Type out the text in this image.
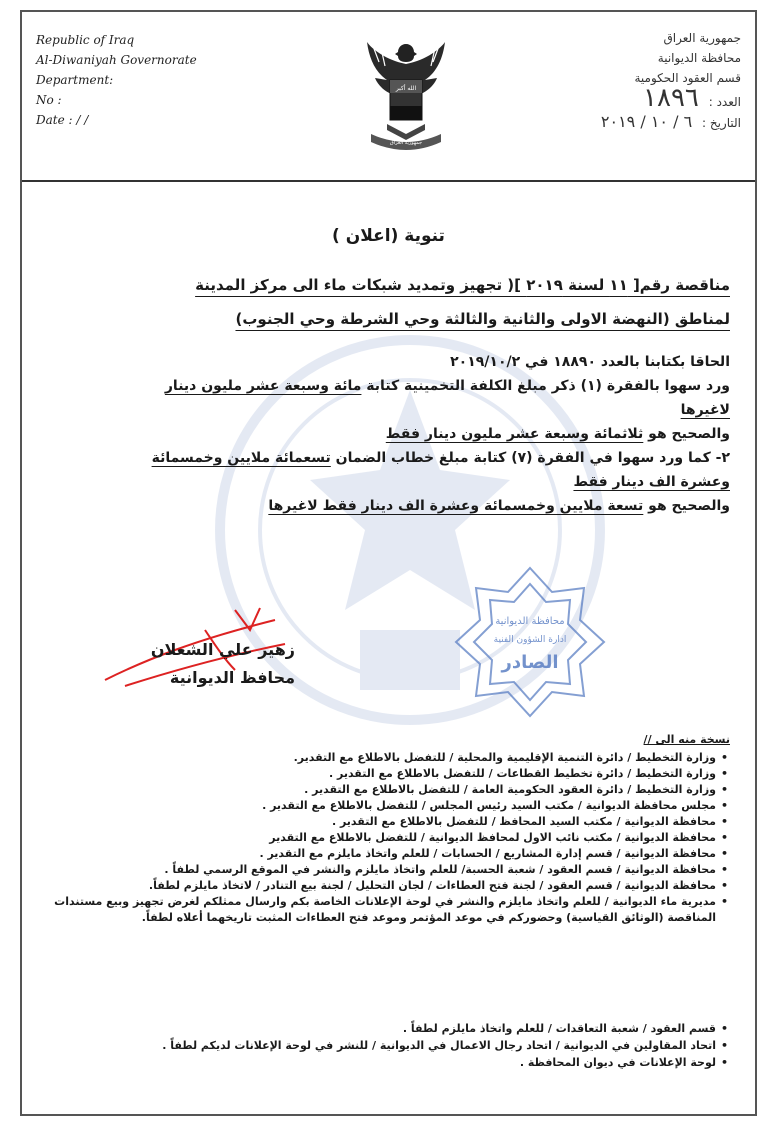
Republic of Iraq
Al-Diwaniyah Governorate
Department:
No :
Date : / /
الله أكبر
جمهورية العراق
جمهورية العراق
محافظة الديوانية
قسم العقود الحكومية
العدد : ١٨٩٦
التاريخ : ٦ / ١٠ / ٢٠١٩
تنوية (اعلان )
مناقصة رقم[ ١١ لسنة ٢٠١٩ ]( تجهيز وتمديد شبكات ماء الى مركز المدينة
لمناطق (النهضة الاولى والثانية والثالثة وحي الشرطة وحي الجنوب)

الحاقا بكتابنا بالعدد ١٨٨٩٠ في ٢٠١٩/١٠/٢

ورد سهوا بالفقرة (١) ذكر مبلغ الكلفة التخمينية كتابة مائة وسبعة عشر مليون دينار

لاغيرها

والصحيح هو ثلاثمائة وسبعة عشر مليون دينار فقط

٢- كما ورد سهوا في الفقرة (٧) كتابة مبلغ خطاب الضمان تسعمائة ملايين وخمسمائة

وعشرة الف دينار فقط

والصحيح هو تسعة ملايين وخمسمائة وعشرة الف دينار فقط لاغيرها

محافظة الديوانية
ادارة الشؤون الفنية
الصادر
زهير علي الشعلان
محافظ الديوانية
نسخة منه الى //
• وزارة التخطيط / دائرة التنمية الإقليمية والمحلية / للتفضل بالاطلاع مع التقدير.
• وزارة التخطيط / دائرة تخطيط القطاعات / للتفضل بالاطلاع مع التقدير .
• وزارة التخطيط / دائرة العقود الحكومية العامة / للتفضل بالاطلاع مع التقدير .
• مجلس محافظة الديوانية / مكتب السيد رئيس المجلس / للتفضل بالاطلاع مع التقدير .
• محافظة الديوانية / مكتب السيد المحافظ / للتفضل بالاطلاع مع التقدير .
• محافظة الديوانية / مكتب نائب الاول لمحافظ الديوانية / للتفضل بالاطلاع مع التقدير
• محافظة الديوانية / قسم إدارة المشاريع / الحسابات / للعلم واتخاذ مايلزم مع التقدير .
• محافظة الديوانية / قسم العقود / شعبة الحسبة/ للعلم واتخاذ مايلزم والنشر في الموقع الرسمي لطفاً .
• محافظة الديوانية / قسم العقود / لجنة فتح العطاءات / لجان التحليل / لجنة بيع التنادر / لاتخاذ مايلزم لطفاً.
• مديرية ماء الديوانية / للعلم واتخاذ مايلزم والنشر في لوحة الإعلانات الخاصة بكم وارسال ممثلكم لغرض تجهيز وبيع مستندات المناقصة (الوثائق القياسية) وحضوركم في موعد المؤتمر وموعد فتح العطاءات المثبت تاريخهما أعلاه لطفاً.
• قسم العقود / شعبة التعاقدات / للعلم واتخاذ مايلزم لطفاً .
• اتحاد المقاولين في الديوانية / اتحاد رجال الاعمال في الديوانية / للنشر في لوحة الإعلانات لديكم لطفاً .
• لوحة الإعلانات في ديوان المحافظة .
